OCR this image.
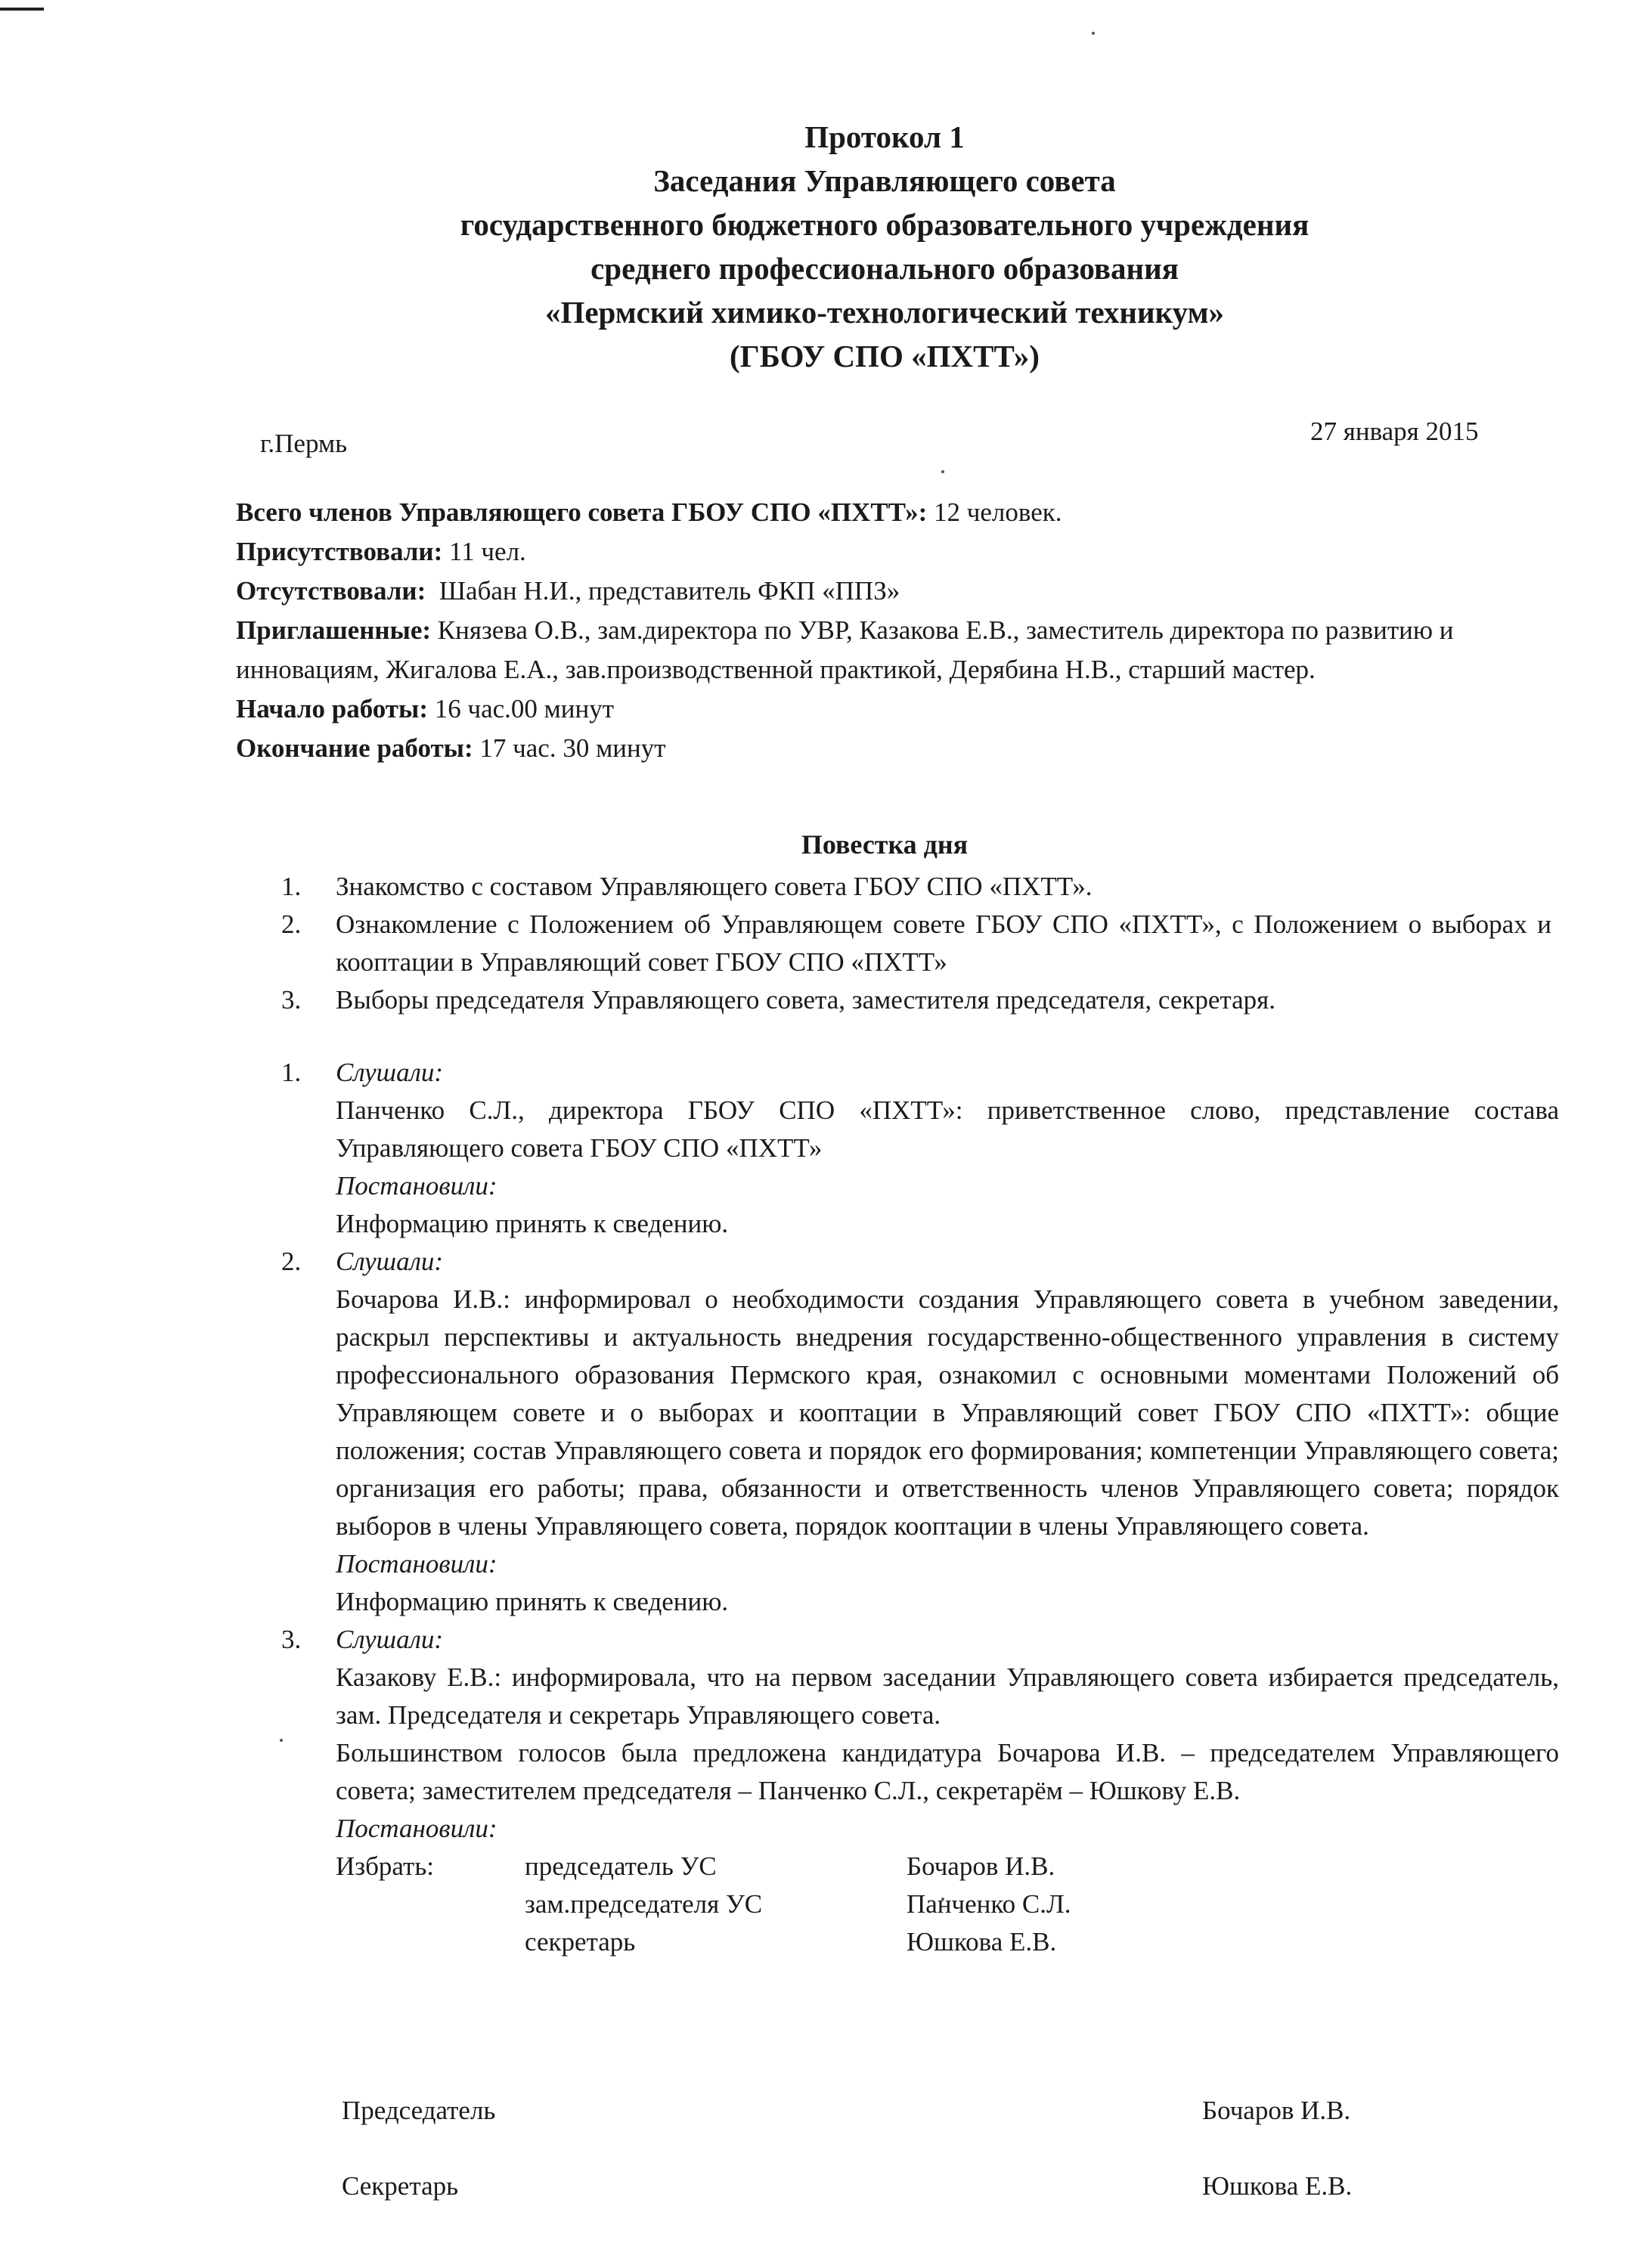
Протокол 1
Заседания Управляющего совета
государственного бюджетного образовательного учреждения
среднего профессионального образования
«Пермский химико-технологический техникум»
(ГБОУ СПО «ПХТТ»)
г.Пермь	27 января 2015

Всего членов Управляющего совета ГБОУ СПО «ПХТТ»: 12 человек.

Присутствовали: 11 чел.

Отсутствовали: Шабан Н.И., представитель ФКП «ППЗ»

Приглашенные: Князева О.В., зам.директора по УВР, Казакова Е.В., заместитель директора по развитию и инновациям, Жигалова Е.А., зав.производственной практикой, Дерябина Н.В., старший мастер.

Начало работы: 16 час.00 минут

Окончание работы: 17 час. 30 минут

Повестка дня
1.	Знакомство с составом Управляющего совета ГБОУ СПО «ПХТТ».
2.	Ознакомление с Положением об Управляющем совете ГБОУ СПО «ПХТТ», с Положением о выборах и кооптации в Управляющий совет ГБОУ СПО «ПХТТ»
3.	Выборы председателя Управляющего совета, заместителя председателя, секретаря.
1.	Слушали:

Панченко С.Л., директора ГБОУ СПО «ПХТТ»: приветственное слово, представление состава Управляющего совета ГБОУ СПО «ПХТТ»

Постановили:

Информацию принять к сведению.

2.	Слушали:

Бочарова И.В.: информировал о необходимости создания Управляющего совета в учебном заведении, раскрыл перспективы и актуальность внедрения государственно-общественного управления в систему профессионального образования Пермского края, ознакомил с основными моментами Положений об Управляющем совете и о выборах и кооптации в Управляющий совет ГБОУ СПО «ПХТТ»: общие положения; состав Управляющего совета и порядок его формирования; компетенции Управляющего совета; организация его работы; права, обязанности и ответственность членов Управляющего совета; порядок выборов в члены Управляющего совета, порядок кооптации в члены Управляющего совета.

Постановили:

Информацию принять к сведению.

3.	Слушали:

Казакову Е.В.: информировала, что на первом заседании Управляющего совета избирается председатель, зам. Председателя и секретарь Управляющего совета.

Большинством голосов была предложена кандидатура Бочарова И.В. – председателем Управляющего совета; заместителем председателя – Панченко С.Л., секретарём – Юшкову Е.В.

Постановили:

Избрать:	председатель УС	Бочаров И.В.
зам.председателя УС	Панченко С.Л.
секретарь	Юшкова Е.В.
Председатель	Бочаров И.В.
Секретарь	Юшкова Е.В.
